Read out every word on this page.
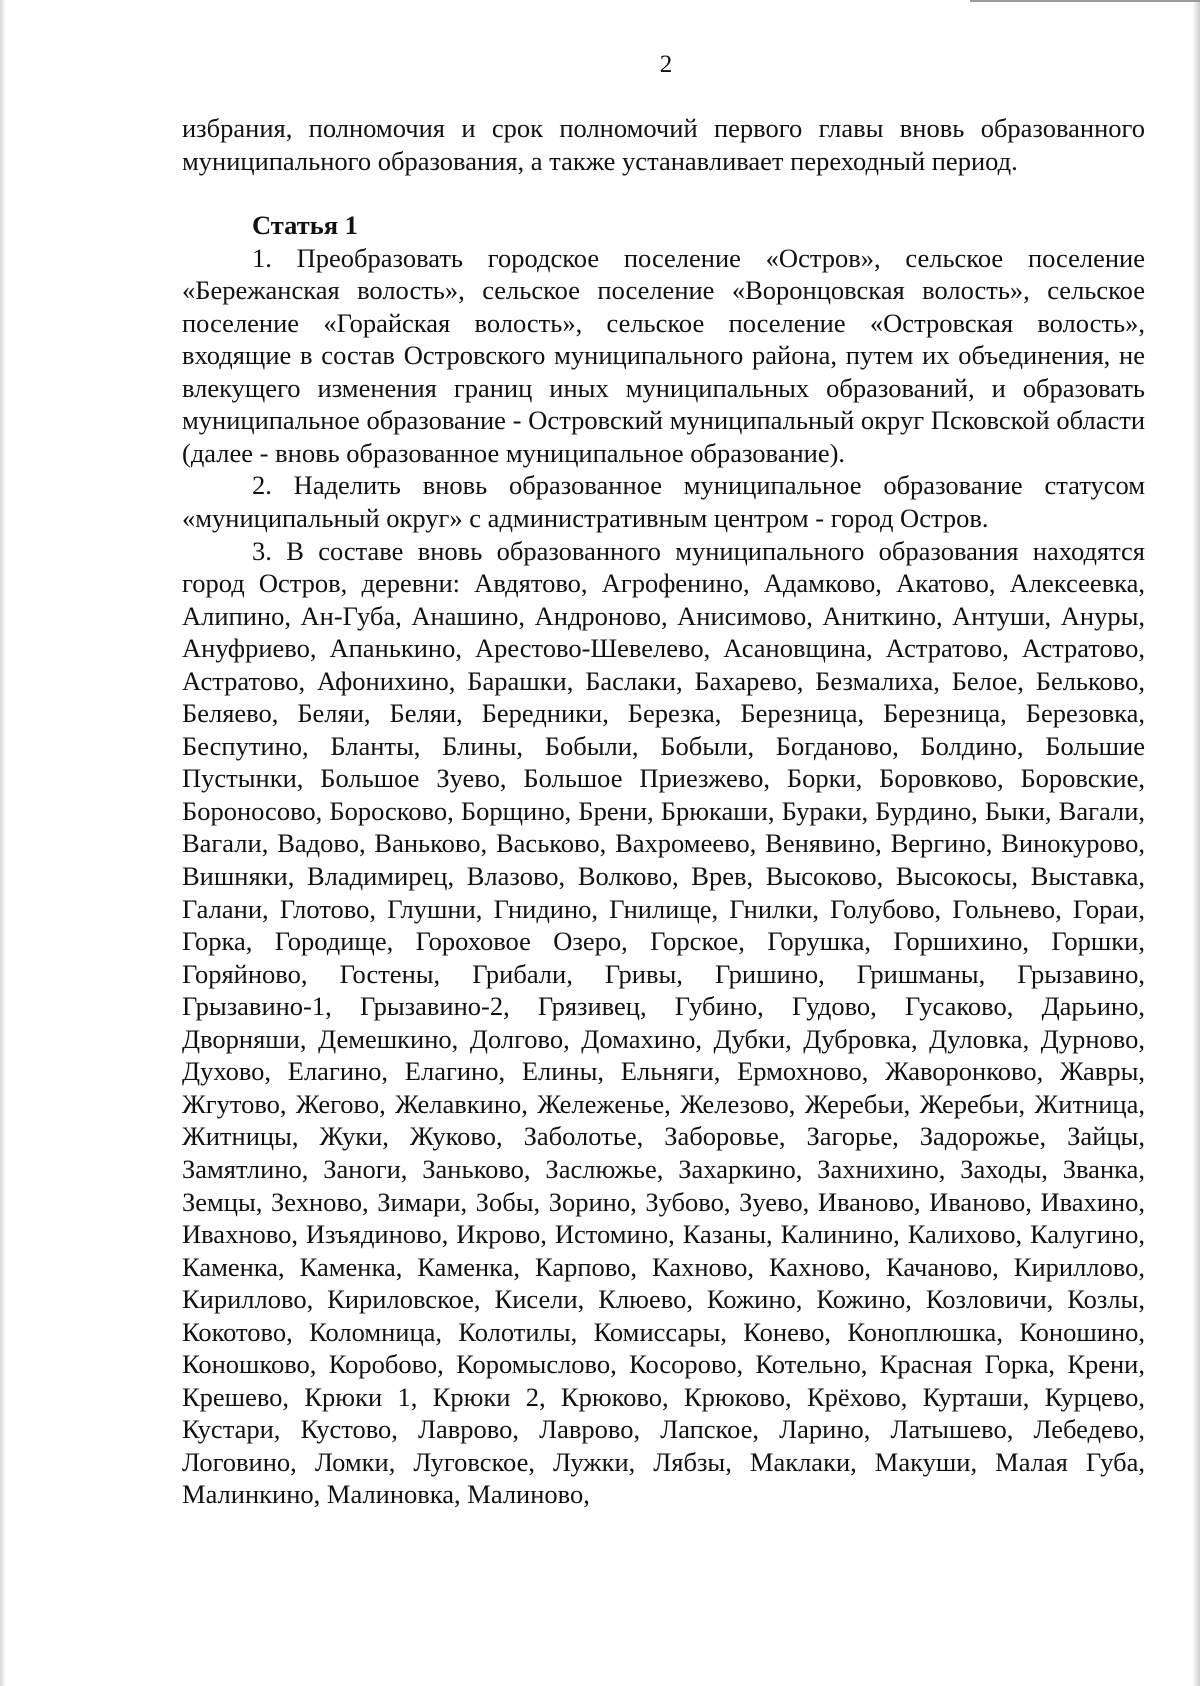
2

избрания, полномочия и срок полномочий первого главы вновь образованного муниципального образования, а также устанавливает переходный период.

Статья 1

1. Преобразовать городское поселение «Остров», сельское поселение «Бережанская волость», сельское поселение «Воронцовская волость», сельское поселение «Горайская волость», сельское поселение «Островская волость», входящие в состав Островского муниципального района, путем их объединения, не влекущего изменения границ иных муниципальных образований, и образовать муниципальное образование - Островский муниципальный округ Псковской области (далее - вновь образованное муниципальное образование).

2. Наделить вновь образованное муниципальное образование статусом «муниципальный округ» с административным центром - город Остров.

3. В составе вновь образованного муниципального образования находятся город Остров, деревни: Авдятово, Агрофенино, Адамково, Акатово, Алексеевка, Алипино, Ан-Губа, Анашино, Андроново, Анисимово, Аниткино, Антуши, Ануры, Ануфриево, Апанькино, Арестово-Шевелево, Асановщина, Астратово, Астратово, Астратово, Афонихино, Барашки, Баслаки, Бахарево, Безмалиха, Белое, Бельково, Беляево, Беляи, Беляи, Бередники, Березка, Березница, Березница, Березовка, Беспутино, Бланты, Блины, Бобыли, Бобыли, Богданово, Болдино, Большие Пустынки, Большое Зуево, Большое Приезжево, Борки, Боровково, Боровские, Бороносово, Боросково, Борщино, Брени, Брюкаши, Бураки, Бурдино, Быки, Вагали, Вагали, Вадово, Ваньково, Васьково, Вахромеево, Венявино, Вергино, Винокурово, Вишняки, Владимирец, Влазово, Волково, Врев, Высоково, Высокосы, Выставка, Галани, Глотово, Глушни, Гнидино, Гнилище, Гнилки, Голубово, Гольнево, Гораи, Горка, Городище, Гороховое Озеро, Горское, Горушка, Горшихино, Горшки, Горяйново, Гостены, Грибали, Гривы, Гришино, Гришманы, Грызавино, Грызавино-1, Грызавино-2, Грязивец, Губино, Гудово, Гусаково, Дарьино, Дворняши, Демешкино, Долгово, Домахино, Дубки, Дубровка, Дуловка, Дурново, Духово, Елагино, Елагино, Елины, Ельняги, Ермохново, Жаворонково, Жавры, Жгутово, Жегово, Желавкино, Жележенье, Железово, Жеребьи, Жеребьи, Житница, Житницы, Жуки, Жуково, Заболотье, Заборовье, Загорье, Задорожье, Зайцы, Замятлино, Заноги, Заньково, Заслюжье, Захаркино, Захнихино, Заходы, Званка, Земцы, Зехново, Зимари, Зобы, Зорино, Зубово, Зуево, Иваново, Иваново, Ивахино, Ивахново, Изъядиново, Икрово, Истомино, Казаны, Калинино, Калихово, Калугино, Каменка, Каменка, Каменка, Карпово, Кахново, Кахново, Качаново, Кириллово, Кириллово, Кириловское, Кисели, Клюево, Кожино, Кожино, Козловичи, Козлы, Кокотово, Коломница, Колотилы, Комиссары, Конево, Коноплюшка, Коношино, Коношково, Коробово, Коромыслово, Косорово, Котельно, Красная Горка, Крени, Крешево, Крюки 1, Крюки 2, Крюково, Крюково, Крёхово, Курташи, Курцево, Кустари, Кустово, Лаврово, Лаврово, Лапское, Ларино, Латышево, Лебедево, Логовино, Ломки, Луговское, Лужки, Лябзы, Маклаки, Макуши, Малая Губа, Малинкино, Малиновка, Малиново,
